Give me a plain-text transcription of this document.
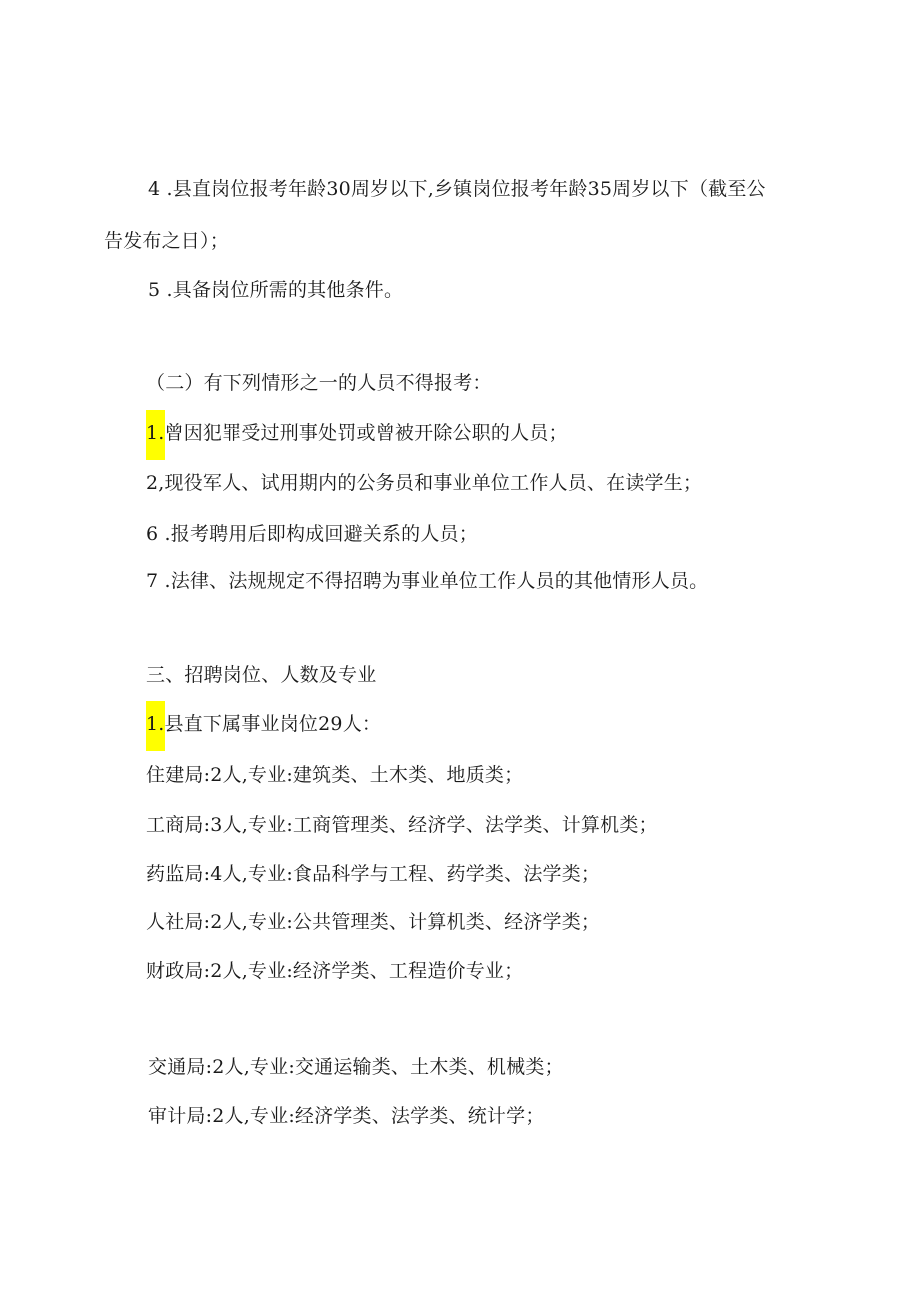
4 .县直岗位报考年龄30周岁以下,乡镇岗位报考年龄35周岁以下（截至公
告发布之日）；
5 .具备岗位所需的其他条件。
（二）有下列情形之一的人员不得报考：
1.曾因犯罪受过刑事处罚或曾被开除公职的人员；
2,现役军人、试用期内的公务员和事业单位工作人员、在读学生；
6 .报考聘用后即构成回避关系的人员；
7 .法律、法规规定不得招聘为事业单位工作人员的其他情形人员。
三、招聘岗位、人数及专业
1.县直下属事业岗位29人：
住建局:2人,专业:建筑类、土木类、地质类；
工商局:3人,专业:工商管理类、经济学、法学类、计算机类；
药监局:4人,专业:食品科学与工程、药学类、法学类；
人社局:2人,专业:公共管理类、计算机类、经济学类；
财政局:2人,专业:经济学类、工程造价专业；
交通局:2人,专业:交通运输类、土木类、机械类；
审计局:2人,专业:经济学类、法学类、统计学；
